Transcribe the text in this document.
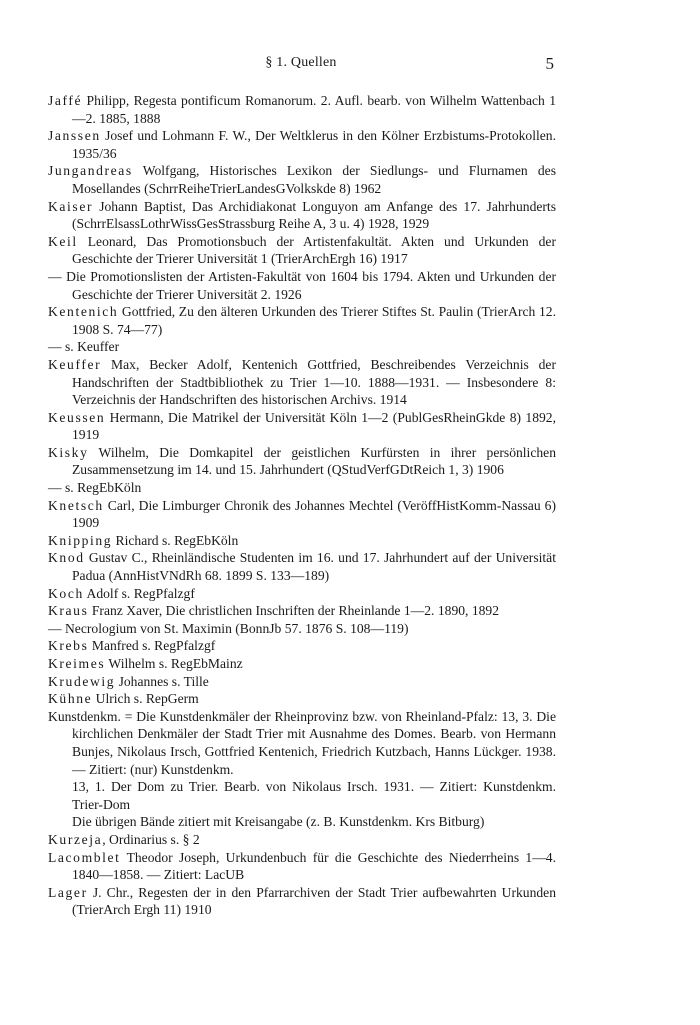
§ 1. Quellen	5
Jaffé Philipp, Regesta pontificum Romanorum. 2. Aufl. bearb. von Wilhelm Wattenbach 1—2. 1885, 1888
Janssen Josef und Lohmann F. W., Der Weltklerus in den Kölner Erzbistums-Protokollen. 1935/36
Jungandreas Wolfgang, Historisches Lexikon der Siedlungs- und Flurnamen des Mosellandes (SchrrReiheTrierLandesGVolkskde 8) 1962
Kaiser Johann Baptist, Das Archidiakonat Longuyon am Anfange des 17. Jahrhunderts (SchrrElsassLothrWissGesStrassburg Reihe A, 3 u. 4) 1928, 1929
Keil Leonard, Das Promotionsbuch der Artistenfakultät. Akten und Urkunden der Geschichte der Trierer Universität 1 (TrierArchErgh 16) 1917
— Die Promotionslisten der Artisten-Fakultät von 1604 bis 1794. Akten und Urkunden der Geschichte der Trierer Universität 2. 1926
Kentenich Gottfried, Zu den älteren Urkunden des Trierer Stiftes St. Paulin (TrierArch 12. 1908 S. 74—77)
— s. Keuffer
Keuffer Max, Becker Adolf, Kentenich Gottfried, Beschreibendes Verzeichnis der Handschriften der Stadtbibliothek zu Trier 1—10. 1888—1931. — Insbesondere 8: Verzeichnis der Handschriften des historischen Archivs. 1914
Keussen Hermann, Die Matrikel der Universität Köln 1—2 (PublGesRheinGkde 8) 1892, 1919
Kisky Wilhelm, Die Domkapitel der geistlichen Kurfürsten in ihrer persönlichen Zusammensetzung im 14. und 15. Jahrhundert (QStudVerfGDtReich 1, 3) 1906
— s. RegEbKöln
Knetsch Carl, Die Limburger Chronik des Johannes Mechtel (VeröffHistKomm-Nassau 6) 1909
Knipping Richard s. RegEbKöln
Knod Gustav C., Rheinländische Studenten im 16. und 17. Jahrhundert auf der Universität Padua (AnnHistVNdRh 68. 1899 S. 133—189)
Koch Adolf s. RegPfalzgf
Kraus Franz Xaver, Die christlichen Inschriften der Rheinlande 1—2. 1890, 1892
— Necrologium von St. Maximin (BonnJb 57. 1876 S. 108—119)
Krebs Manfred s. RegPfalzgf
Kreimes Wilhelm s. RegEbMainz
Krudewig Johannes s. Tille
Kühne Ulrich s. RepGerm
Kunstdenkm. = Die Kunstdenkmäler der Rheinprovinz bzw. von Rheinland-Pfalz: 13, 3. Die kirchlichen Denkmäler der Stadt Trier mit Ausnahme des Domes. Bearb. von Hermann Bunjes, Nikolaus Irsch, Gottfried Kentenich, Friedrich Kutzbach, Hanns Lückger. 1938. — Zitiert: (nur) Kunstdenkm.
13, 1. Der Dom zu Trier. Bearb. von Nikolaus Irsch. 1931. — Zitiert: Kunstdenkm. Trier-Dom
Die übrigen Bände zitiert mit Kreisangabe (z. B. Kunstdenkm. Krs Bitburg)
Kurzeja, Ordinarius s. § 2
Lacomblet Theodor Joseph, Urkundenbuch für die Geschichte des Niederrheins 1—4. 1840—1858. — Zitiert: LacUB
Lager J. Chr., Regesten der in den Pfarrarchiven der Stadt Trier aufbewahrten Urkunden (TrierArch Ergh 11) 1910
